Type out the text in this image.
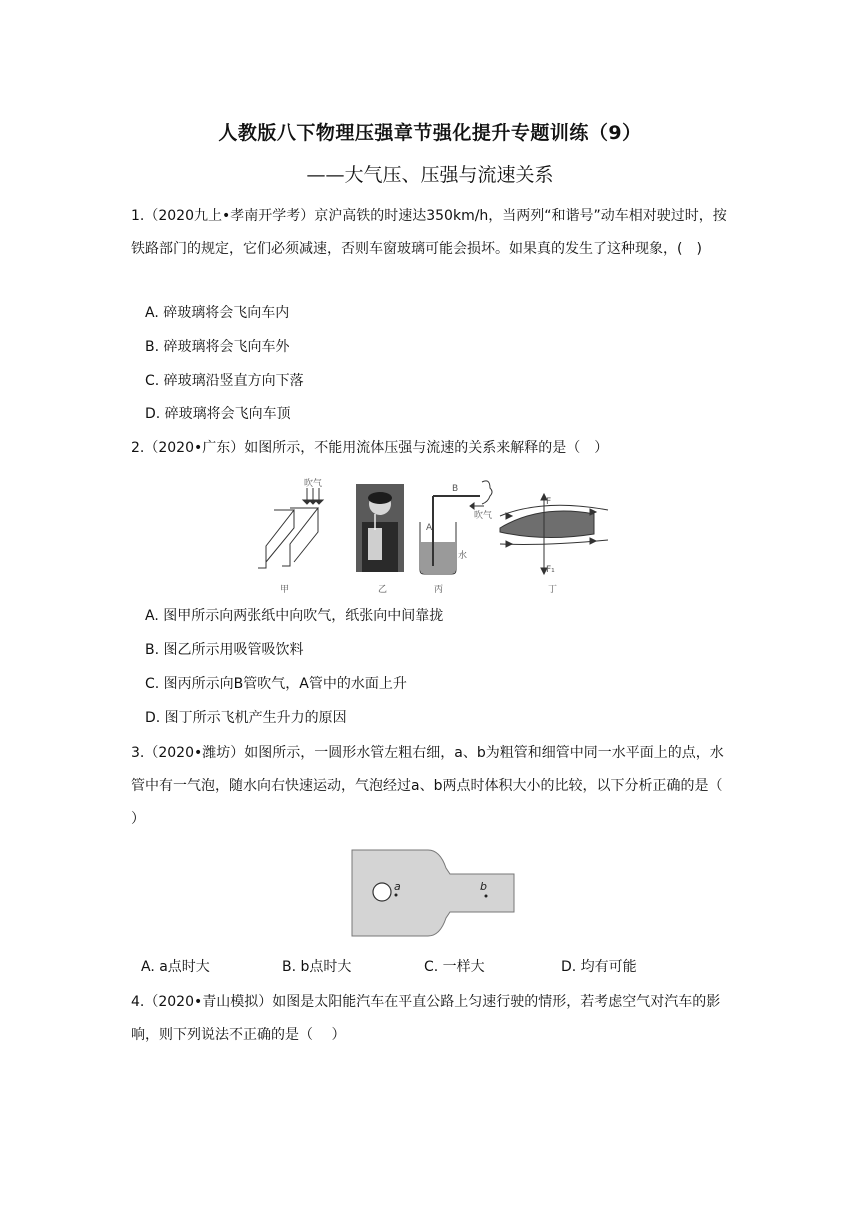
人教版八下物理压强章节强化提升专题训练（9）
——大气压、压强与流速关系
1.（2020九上•孝南开学考）京沪高铁的时速达350km/h，当两列“和谐号”动车相对驶过时，按铁路部门的规定，它们必须减速，否则车窗玻璃可能会损坏。如果真的发生了这种现象，(　)
A. 碎玻璃将会飞向车内
B. 碎玻璃将会飞向车外
C. 碎玻璃沿竖直方向下落
D. 碎玻璃将会飞向车顶
2.（2020•广东）如图所示，不能用流体压强与流速的关系来解释的是（　）
吹气
甲	乙
B
A
吹气
水
丙
F
F₁
丁
A. 图甲所示向两张纸中向吹气，纸张向中间靠拢
B. 图乙所示用吸管吸饮料
C. 图丙所示向B管吹气，A管中的水面上升
D. 图丁所示飞机产生升力的原因
3.（2020•潍坊）如图所示，一圆形水管左粗右细，a、b为粗管和细管中同一水平面上的点，水管中有一气泡，随水向右快速运动，气泡经过a、b两点时体积大小的比较，以下分析正确的是（　 ）
a	b
A. a点时大	B. b点时大	C. 一样大	D. 均有可能
4.（2020•青山模拟）如图是太阳能汽车在平直公路上匀速行驶的情形，若考虑空气对汽车的影响，则下列说法不正确的是（　 ）
